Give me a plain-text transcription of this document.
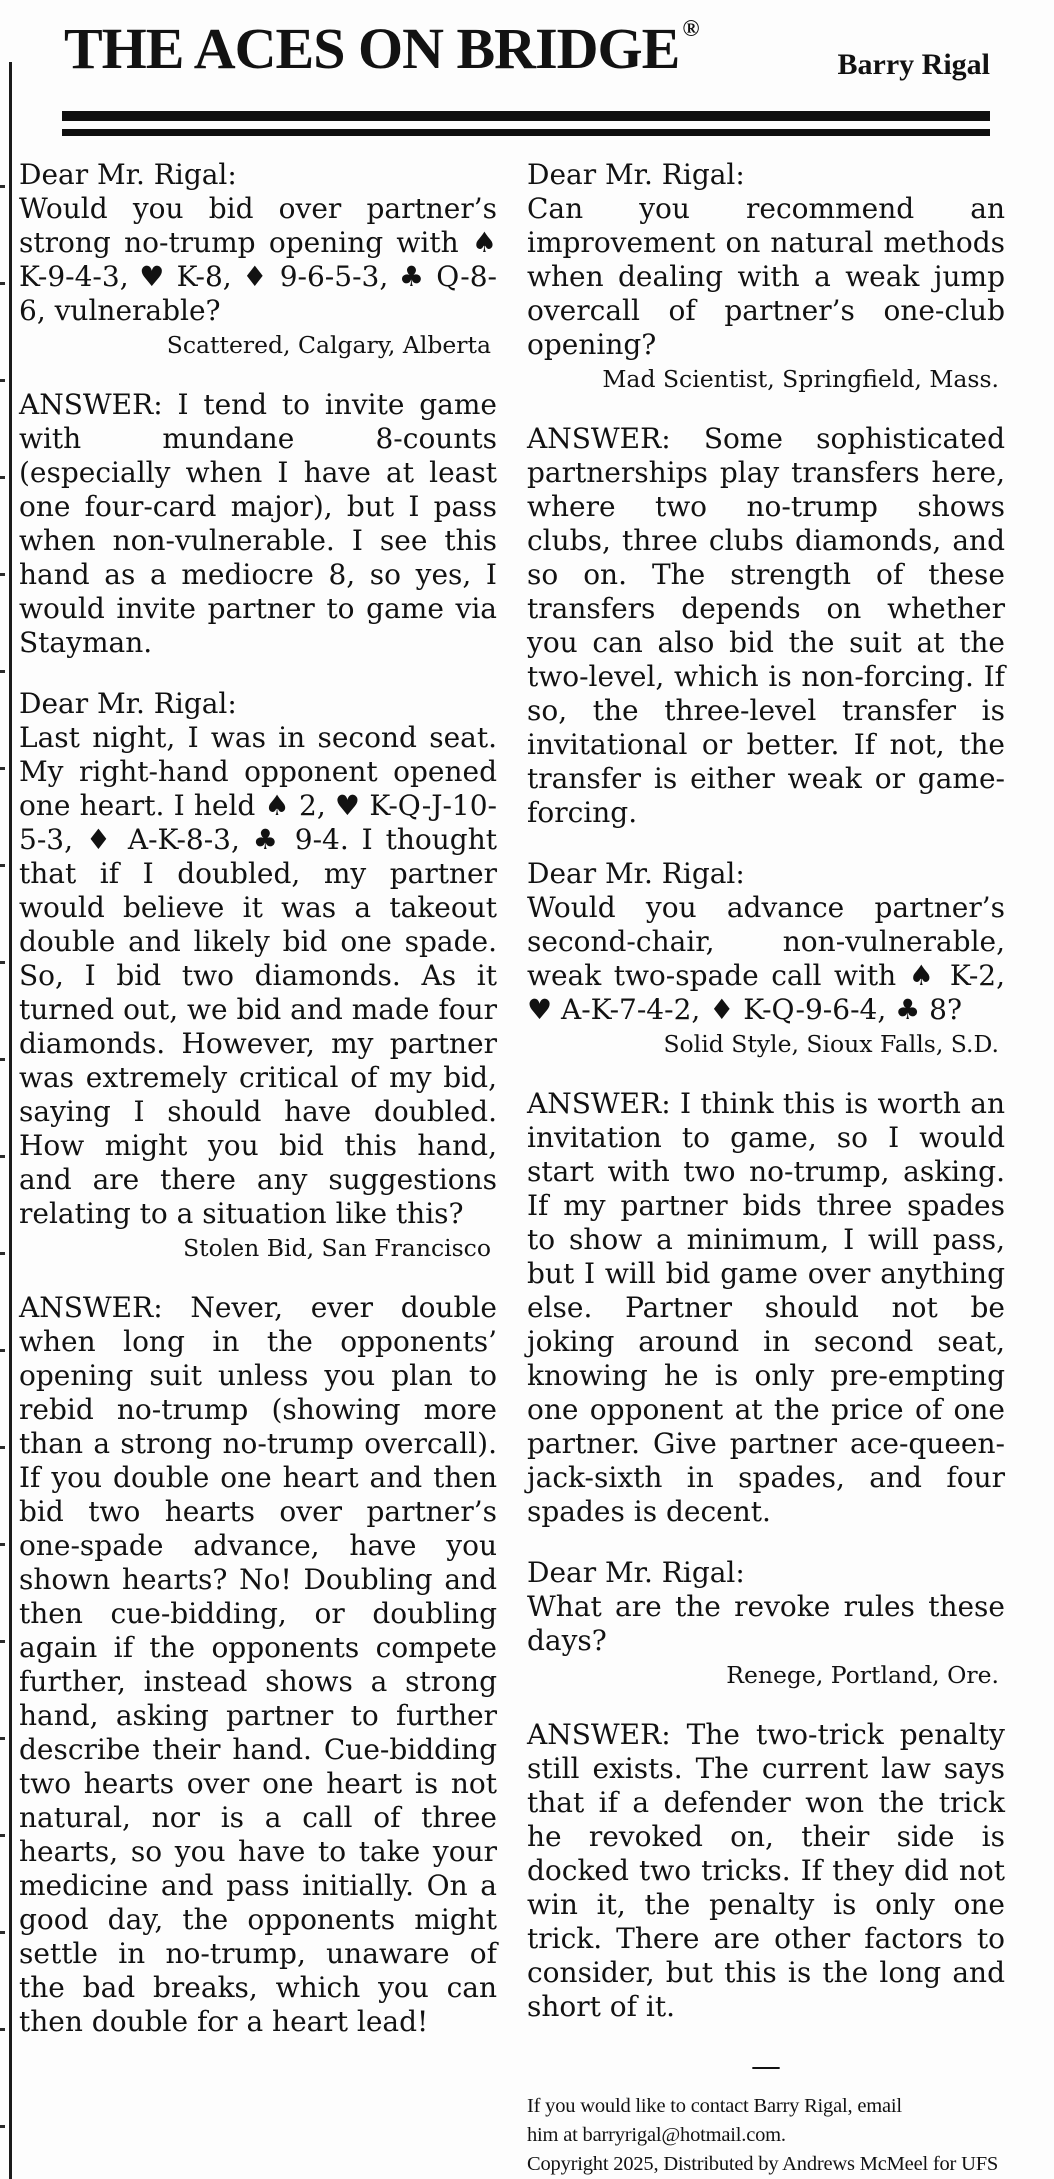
THE ACES ON BRIDGE ®
Barry Rigal
Dear Mr. Rigal:

Would you bid over partner’s strong no-trump opening with ♠ K-9-4-3, ♥ K-8, ♦ 9-6-5-3, ♣ Q-8-6, vulnerable?

Scattered, Calgary, Alberta

ANSWER: I tend to invite game with mundane 8-counts (especially when I have at least one four-card major), but I pass when non-vulnerable. I see this hand as a mediocre 8, so yes, I would invite partner to game via Stayman.

Dear Mr. Rigal:

Last night, I was in second seat. My right-hand opponent opened one heart. I held ♠ 2, ♥ K-Q-J-10-5-3, ♦ A-K-8-3, ♣ 9-4. I thought that if I doubled, my partner would believe it was a takeout double and likely bid one spade. So, I bid two diamonds. As it turned out, we bid and made four diamonds. However, my partner was extremely critical of my bid, saying I should have doubled. How might you bid this hand, and are there any suggestions relating to a situation like this?

Stolen Bid, San Francisco

ANSWER: Never, ever double when long in the opponents’ opening suit unless you plan to rebid no-trump (showing more than a strong no-trump overcall). If you double one heart and then bid two hearts over partner’s one-spade advance, have you shown hearts? No! Doubling and then cue-bidding, or doubling again if the opponents compete further, instead shows a strong hand, asking partner to further describe their hand. Cue-bidding two hearts over one heart is not natural, nor is a call of three hearts, so you have to take your medicine and pass initially. On a good day, the opponents might settle in no-trump, unaware of the bad breaks, which you can then double for a heart lead!

Dear Mr. Rigal:

Can you recommend an improvement on natural methods when dealing with a weak jump overcall of partner’s one-club opening?

Mad Scientist, Springfield, Mass.

ANSWER: Some sophisticated partnerships play transfers here, where two no-trump shows clubs, three clubs diamonds, and so on. The strength of these transfers depends on whether you can also bid the suit at the two-level, which is non-forcing. If so, the three-level transfer is invitational or better. If not, the transfer is either weak or game-forcing.

Dear Mr. Rigal:

Would you advance partner’s second-chair, non-vulnerable, weak two-spade call with ♠ K-2, ♥ A-K-7-4-2, ♦ K-Q-9-6-4, ♣ 8?

Solid Style, Sioux Falls, S.D.

ANSWER: I think this is worth an invitation to game, so I would start with two no-trump, asking. If my partner bids three spades to show a minimum, I will pass, but I will bid game over anything else. Partner should not be joking around in second seat, knowing he is only pre-empting one opponent at the price of one partner. Give partner ace-queen-jack-sixth in spades, and four spades is decent.

Dear Mr. Rigal:

What are the revoke rules these days?

Renege, Portland, Ore.

ANSWER: The two-trick penalty still exists. The current law says that if a defender won the trick he revoked on, their side is docked two tricks. If they did not win it, the penalty is only one trick. There are other factors to consider, but this is the long and short of it.

—
If you would like to contact Barry Rigal, email
him at barryrigal@hotmail.com.
Copyright 2025, Distributed by Andrews McMeel for UFS
